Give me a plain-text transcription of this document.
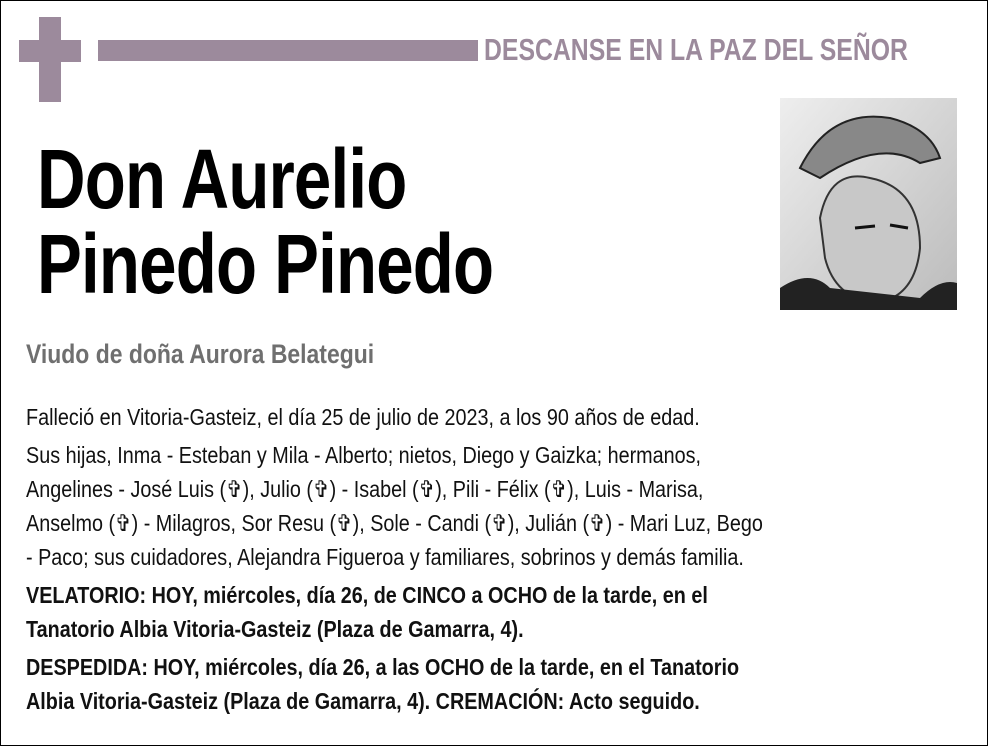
DESCANSE EN LA PAZ DEL SEÑOR
Don Aurelio
Pinedo Pinedo
Viudo de doña Aurora Belategui
Falleció en Vitoria-Gasteiz, el día 25 de julio de 2023, a los 90 años de edad.
Sus hijas, Inma - Esteban y Mila - Alberto; nietos, Diego y Gaizka; hermanos,
Angelines - José Luis (✞), Julio (✞) - Isabel (✞), Pili - Félix (✞), Luis - Marisa,
Anselmo (✞) - Milagros, Sor Resu (✞), Sole - Candi (✞), Julián (✞) - Mari Luz, Bego
- Paco; sus cuidadores, Alejandra Figueroa y familiares, sobrinos y demás familia.
VELATORIO: HOY, miércoles, día 26, de CINCO a OCHO de la tarde, en el
Tanatorio Albia Vitoria-Gasteiz (Plaza de Gamarra, 4).
DESPEDIDA: HOY, miércoles, día 26, a las OCHO de la tarde, en el Tanatorio
Albia Vitoria-Gasteiz (Plaza de Gamarra, 4). CREMACIÓN: Acto seguido.
